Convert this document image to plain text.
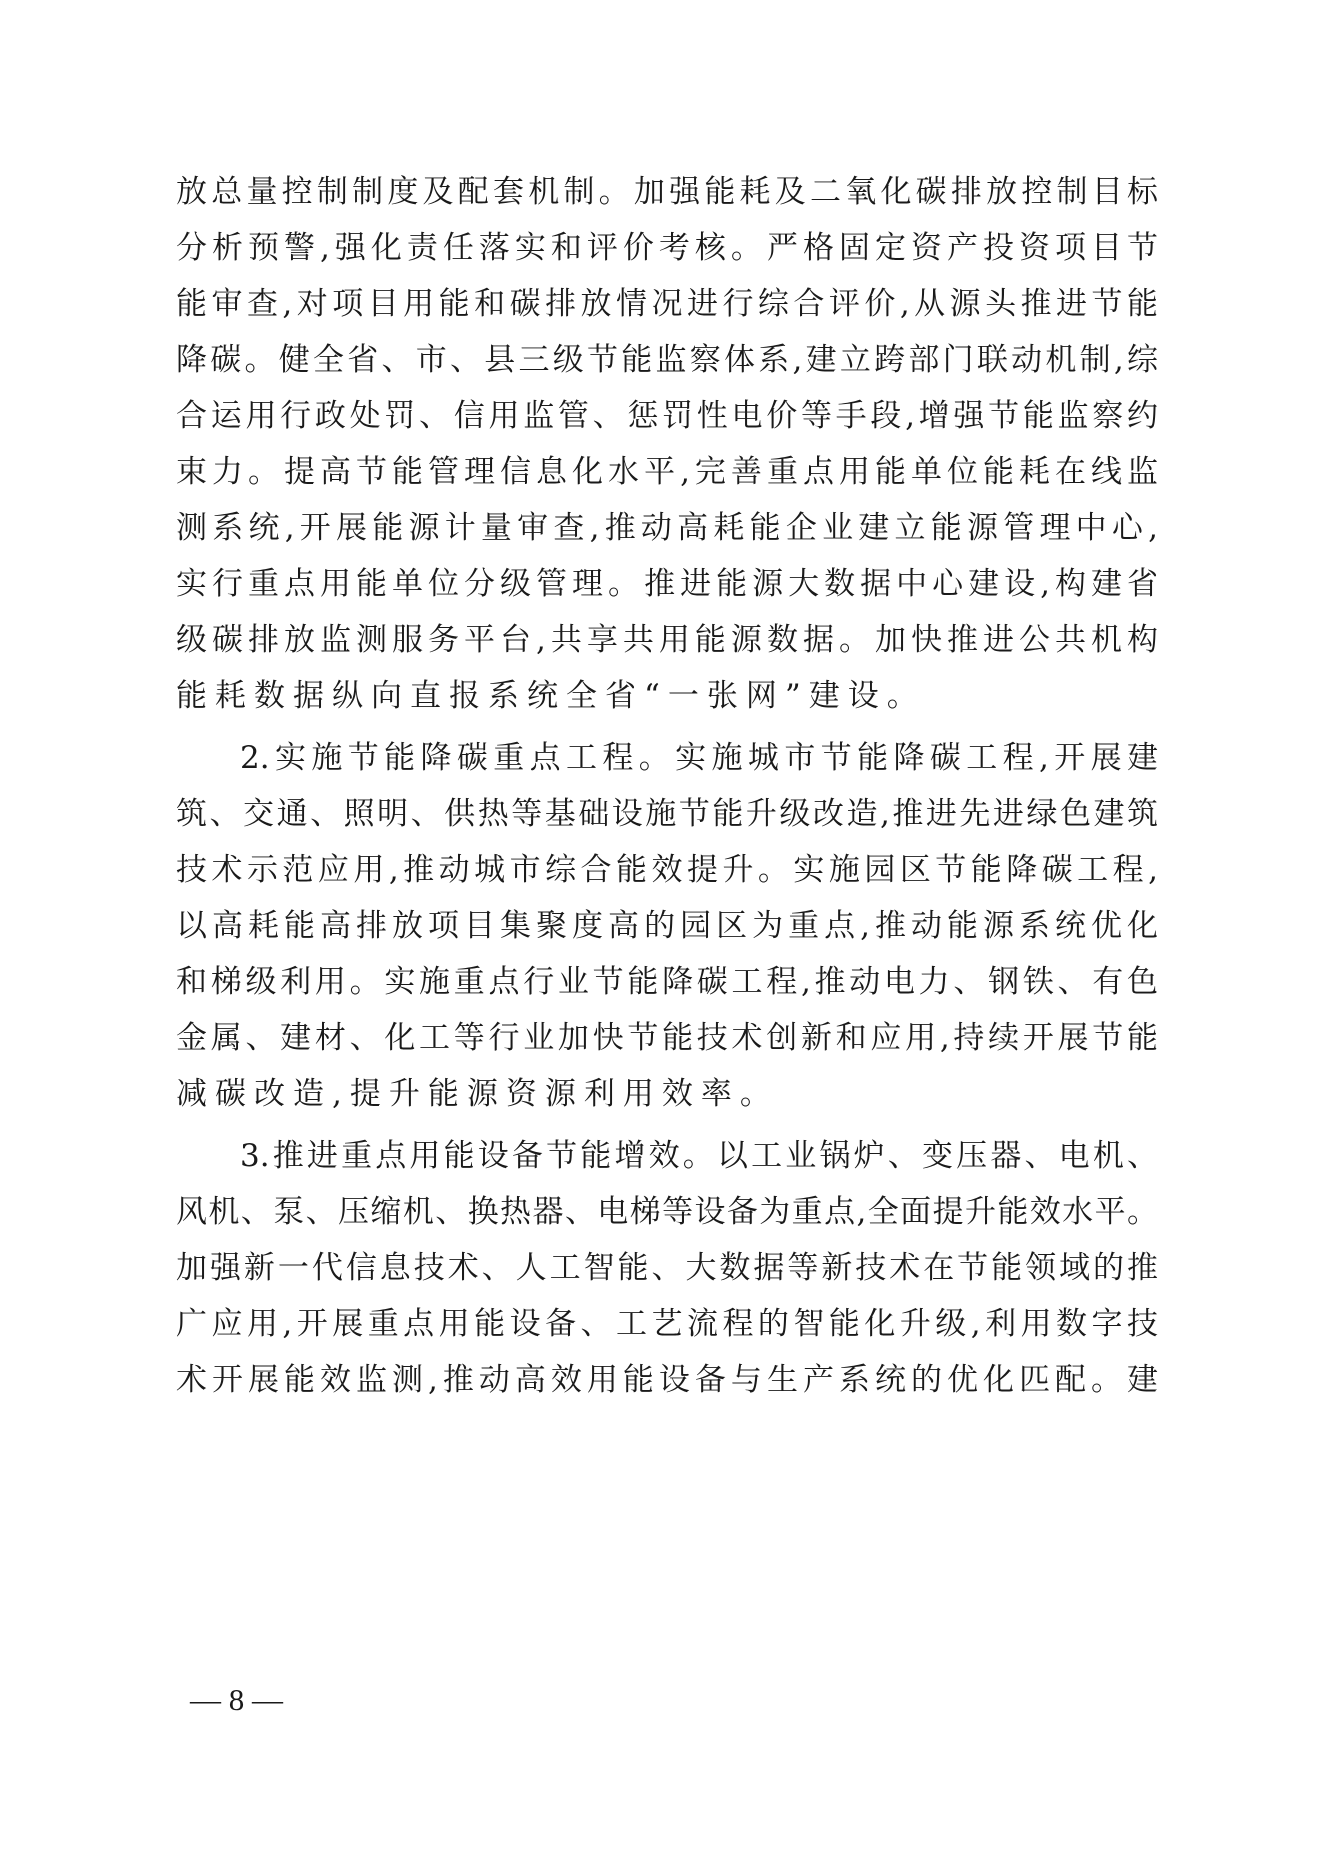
放总量控制制度及配套机制。加强能耗及二氧化碳排放控制目标
分析预警,强化责任落实和评价考核。严格固定资产投资项目节
能审查,对项目用能和碳排放情况进行综合评价,从源头推进节能
降碳。健全省、市、县三级节能监察体系,建立跨部门联动机制,综
合运用行政处罚、信用监管、惩罚性电价等手段,增强节能监察约
束力。提高节能管理信息化水平,完善重点用能单位能耗在线监
测系统,开展能源计量审查,推动高耗能企业建立能源管理中心,
实行重点用能单位分级管理。推进能源大数据中心建设,构建省
级碳排放监测服务平台,共享共用能源数据。加快推进公共机构
能耗数据纵向直报系统全省“一张网”建设。
2.实施节能降碳重点工程。实施城市节能降碳工程,开展建
筑、交通、照明、供热等基础设施节能升级改造,推进先进绿色建筑
技术示范应用,推动城市综合能效提升。实施园区节能降碳工程,
以高耗能高排放项目集聚度高的园区为重点,推动能源系统优化
和梯级利用。实施重点行业节能降碳工程,推动电力、钢铁、有色
金属、建材、化工等行业加快节能技术创新和应用,持续开展节能
减碳改造,提升能源资源利用效率。
3.推进重点用能设备节能增效。以工业锅炉、变压器、电机、
风机、泵、压缩机、换热器、电梯等设备为重点,全面提升能效水平。
加强新一代信息技术、人工智能、大数据等新技术在节能领域的推
广应用,开展重点用能设备、工艺流程的智能化升级,利用数字技
术开展能效监测,推动高效用能设备与生产系统的优化匹配。建
— 8 —
